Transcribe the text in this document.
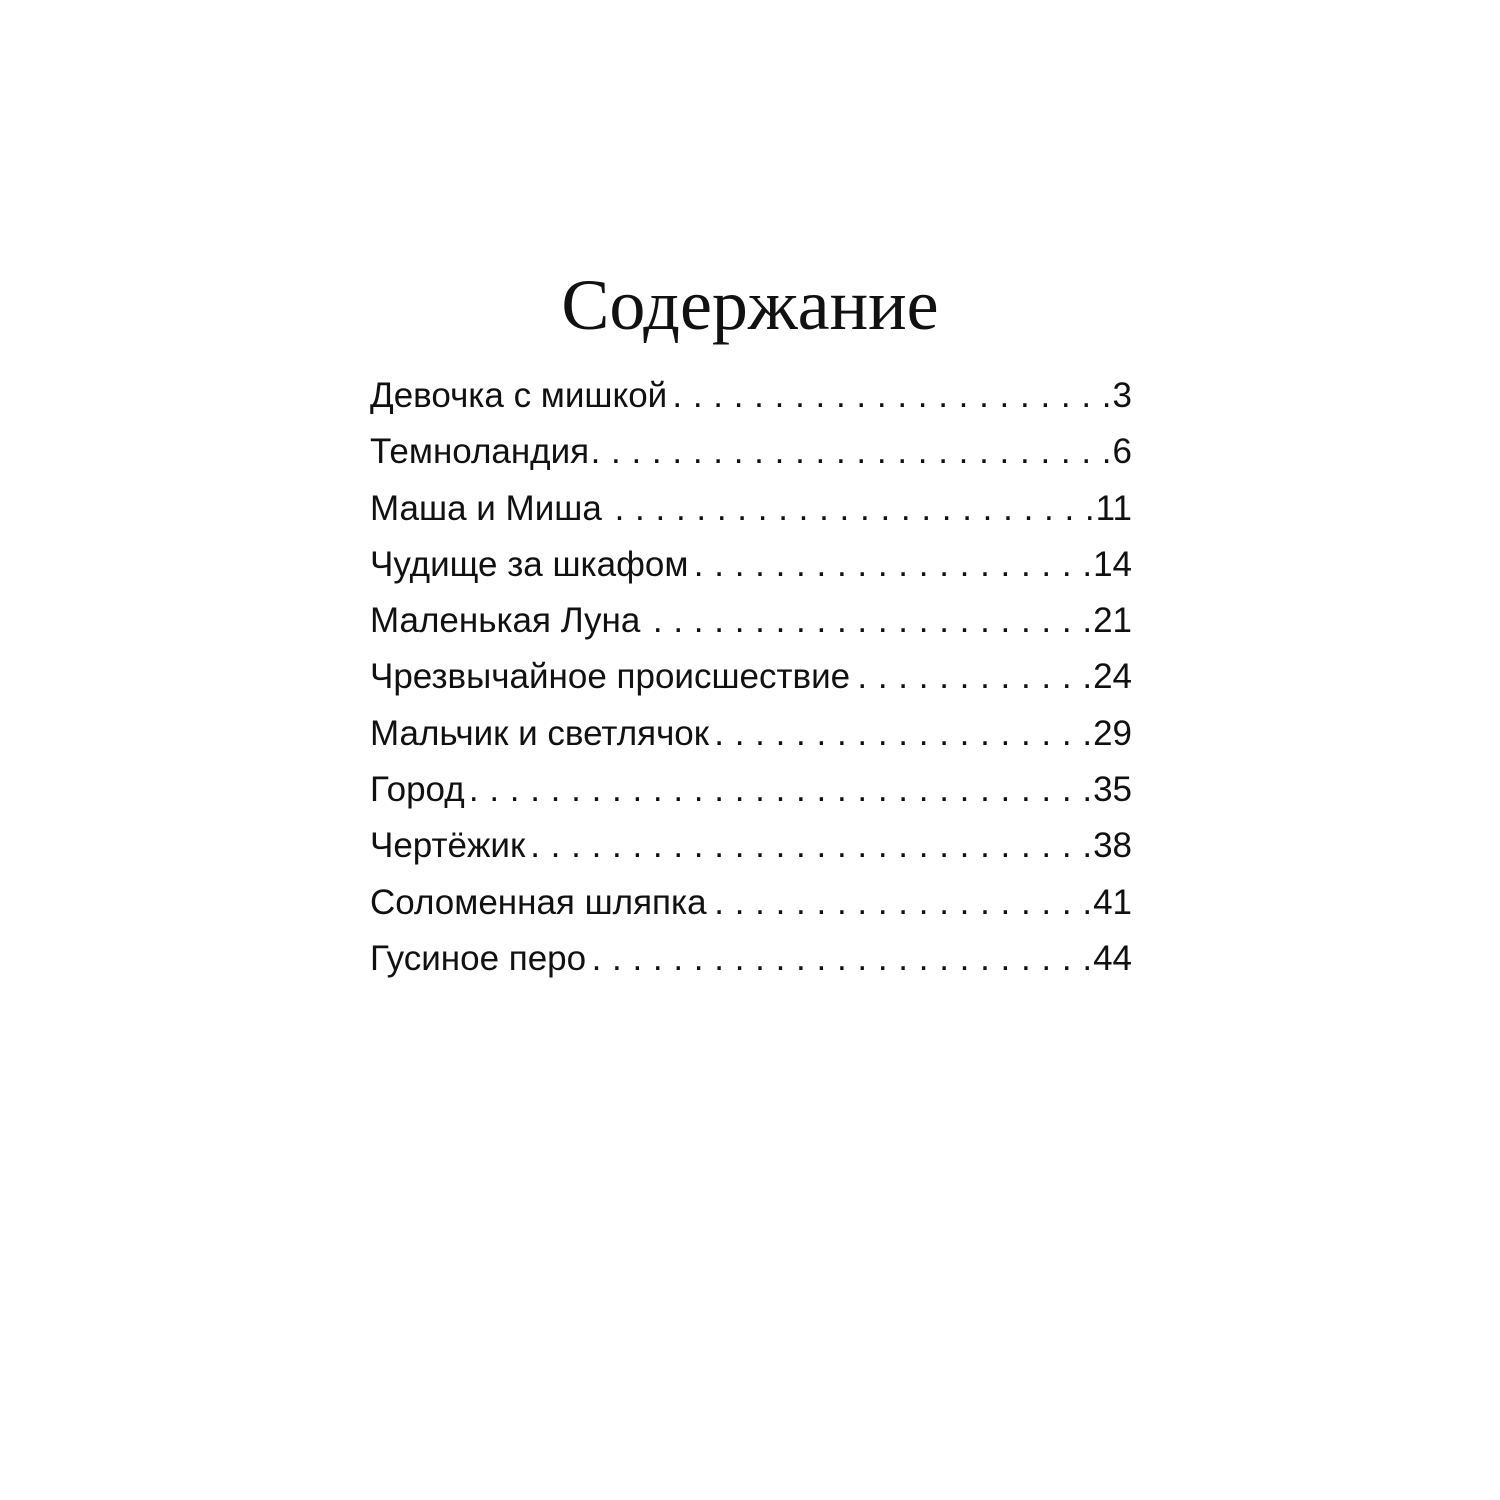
Содержание
Девочка с мишкой . . .	3
Темноландия . . .	6
Маша и Миша . . .	11
Чудище за шкафом . . .	14
Маленькая Луна . . .	21
Чрезвычайное происшествие . . .	24
Мальчик и светлячок . . .	29
Город . . .	35
Чертёжик . . .	38
Соломенная шляпка . . .	41
Гусиное перо . . .	44
